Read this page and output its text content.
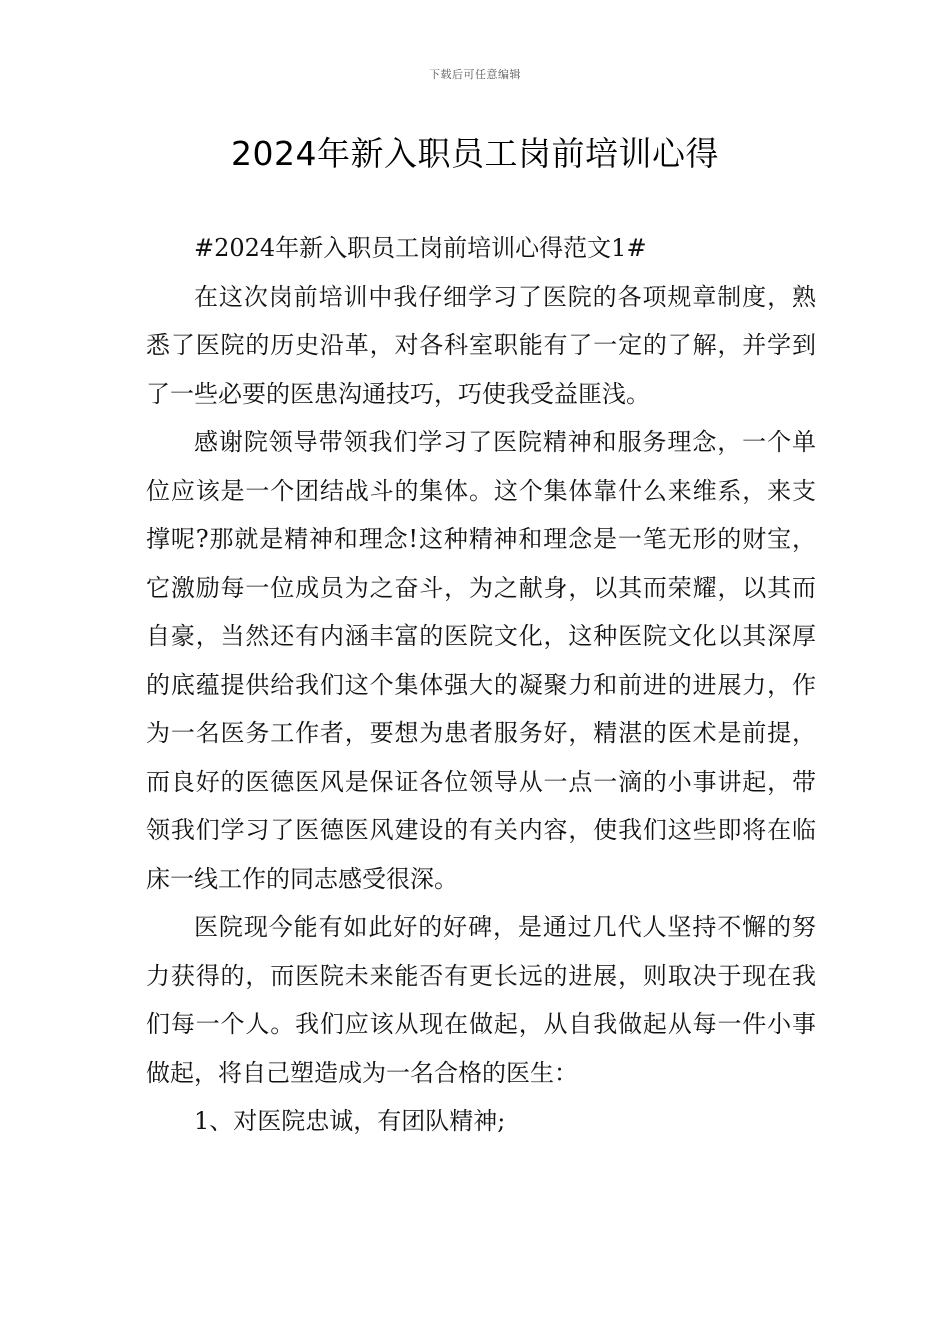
下载后可任意编辑
2024年新入职员工岗前培训心得

#2024年新入职员工岗前培训心得范文1#

在这次岗前培训中我仔细学习了医院的各项规章制度，熟悉了医院的历史沿革，对各科室职能有了一定的了解，并学到了一些必要的医患沟通技巧，巧使我受益匪浅。

感谢院领导带领我们学习了医院精神和服务理念，一个单位应该是一个团结战斗的集体。这个集体靠什么来维系，来支撑呢?那就是精神和理念!这种精神和理念是一笔无形的财宝，它激励每一位成员为之奋斗，为之献身，以其而荣耀，以其而自豪，当然还有内涵丰富的医院文化，这种医院文化以其深厚的底蕴提供给我们这个集体强大的凝聚力和前进的进展力，作为一名医务工作者，要想为患者服务好，精湛的医术是前提，而良好的医德医风是保证各位领导从一点一滴的小事讲起，带领我们学习了医德医风建设的有关内容，使我们这些即将在临床一线工作的同志感受很深。

医院现今能有如此好的好碑，是通过几代人坚持不懈的努力获得的，而医院未来能否有更长远的进展，则取决于现在我们每一个人。我们应该从现在做起，从自我做起从每一件小事做起，将自己塑造成为一名合格的医生：

1、对医院忠诚，有团队精神;
